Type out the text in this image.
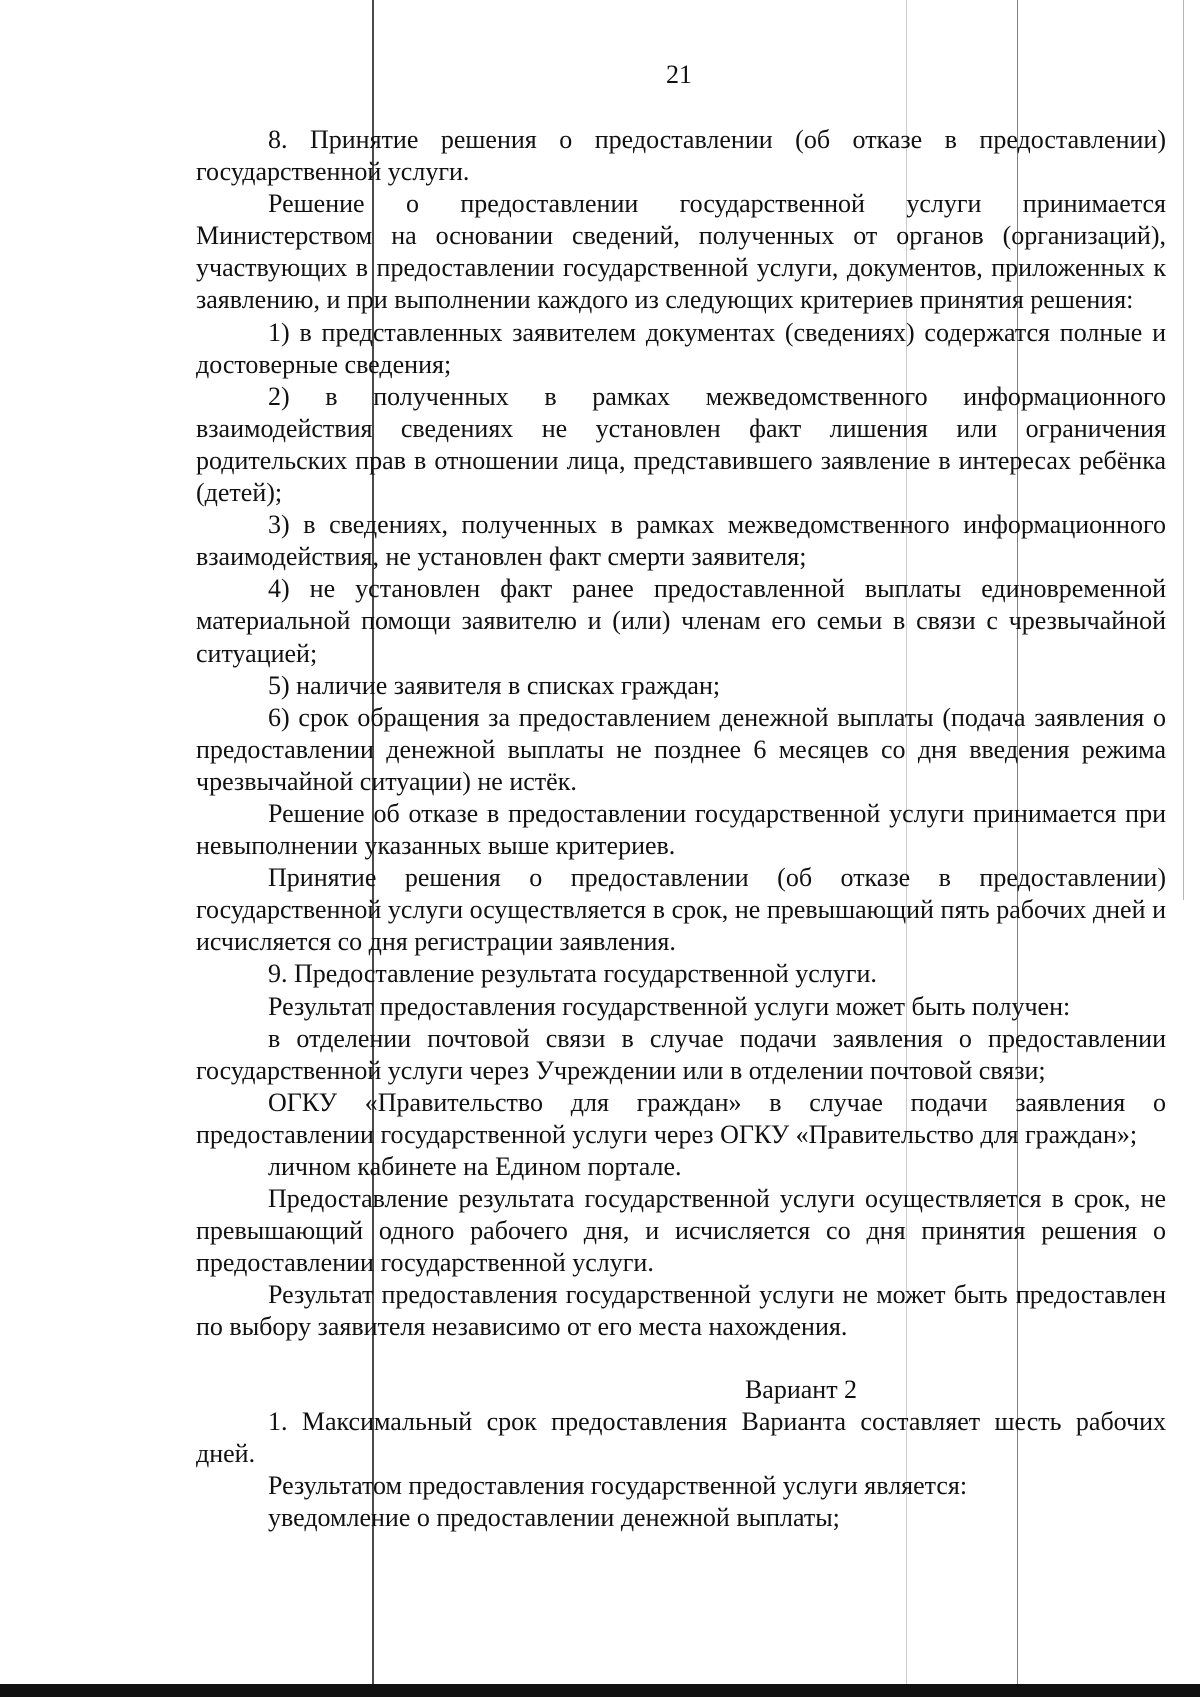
21

8. Принятие решения о предоставлении (об отказе в предоставлении) государственной услуги.

Решение о предоставлении государственной услуги принимается Министерством на основании сведений, полученных от органов (организаций), участвующих в предоставлении государственной услуги, документов, приложенных к заявлению, и при выполнении каждого из следующих критериев принятия решения:

1) в представленных заявителем документах (сведениях) содержатся полные и достоверные сведения;

2) в полученных в рамках межведомственного информационного взаимодействия сведениях не установлен факт лишения или ограничения родительских прав в отношении лица, представившего заявление в интересах ребёнка (детей);

3) в сведениях, полученных в рамках межведомственного информационного взаимодействия, не установлен факт смерти заявителя;

4) не установлен факт ранее предоставленной выплаты единовременной материальной помощи заявителю и (или) членам его семьи в связи с чрезвычайной ситуацией;

5) наличие заявителя в списках граждан;

6) срок обращения за предоставлением денежной выплаты (подача заявления о предоставлении денежной выплаты не позднее 6 месяцев со дня введения режима чрезвычайной ситуации) не истёк.

Решение об отказе в предоставлении государственной услуги принимается при невыполнении указанных выше критериев.

Принятие решения о предоставлении (об отказе в предоставлении) государственной услуги осуществляется в срок, не превышающий пять рабочих дней и исчисляется со дня регистрации заявления.

9. Предоставление результата государственной услуги.

Результат предоставления государственной услуги может быть получен:

в отделении почтовой связи в случае подачи заявления о предоставлении государственной услуги через Учреждении или в отделении почтовой связи;

ОГКУ «Правительство для граждан» в случае подачи заявления о предоставлении государственной услуги через ОГКУ «Правительство для граждан»;

личном кабинете на Едином портале.

Предоставление результата государственной услуги осуществляется в срок, не превышающий одного рабочего дня, и исчисляется со дня принятия решения о предоставлении государственной услуги.

Результат предоставления государственной услуги не может быть предоставлен по выбору заявителя независимо от его места нахождения.

Вариант 2

1. Максимальный срок предоставления Варианта составляет шесть рабочих дней.

Результатом предоставления государственной услуги является:

уведомление о предоставлении денежной выплаты;
